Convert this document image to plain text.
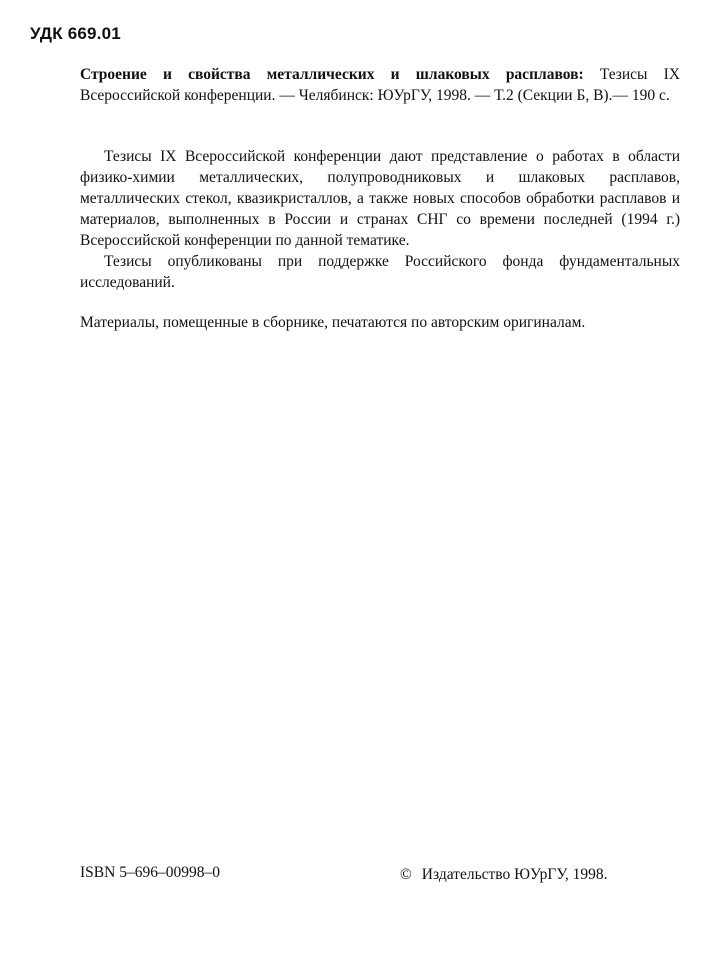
УДК 669.01
Строение и свойства металлических и шлаковых расплавов: Тезисы IX Всероссийской конференции. — Челябинск: ЮУрГУ, 1998. — Т.2 (Секции Б, В).— 190 с.

Тезисы IX Всероссийской конференции дают представление о работах в области физико-химии металлических, полупроводниковых и шлаковых расплавов, металлических стекол, квазикристаллов, а также новых способов обработки расплавов и материалов, выполненных в России и странах СНГ со времени последней (1994 г.) Всероссийской конференции по данной тематике.

Тезисы опубликованы при поддержке Российского фонда фундаментальных исследований.

Материалы, помещенные в сборнике, печатаются по авторским оригиналам.
ISBN 5–696–00998–0	© Издательство ЮУрГУ, 1998.
